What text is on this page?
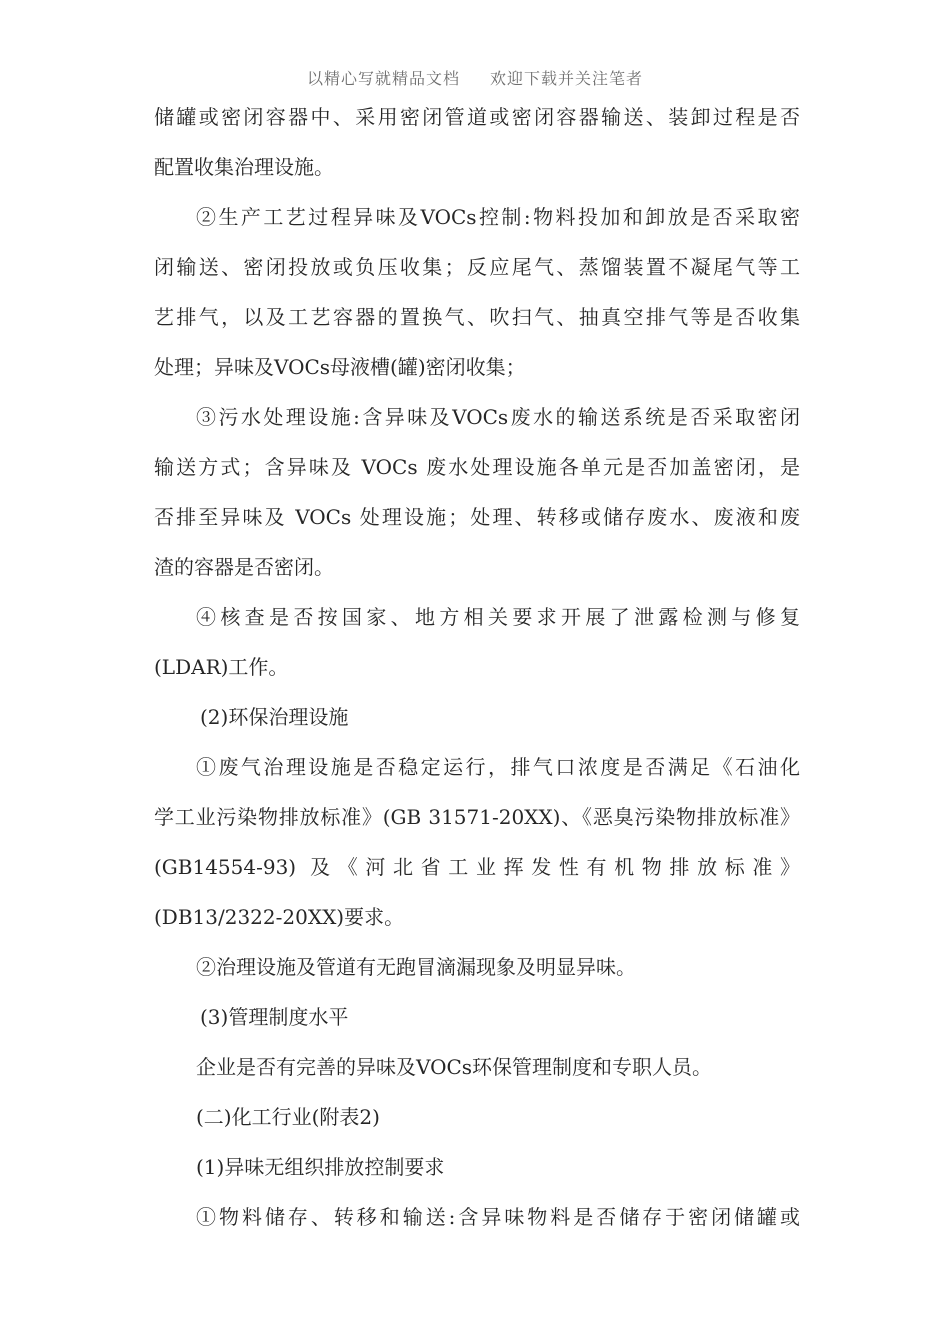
以精心写就精品文档 欢迎下载并关注笔者
储罐或密闭容器中、采用密闭管道或密闭容器输送、装卸过程是否
配置收集治理设施。
②生产工艺过程异味及VOCs控制:物料投加和卸放是否采取密
闭输送、密闭投放或负压收集；反应尾气、蒸馏装置不凝尾气等工
艺排气，以及工艺容器的置换气、吹扫气、抽真空排气等是否收集
处理；异味及VOCs母液槽(罐)密闭收集；
③污水处理设施:含异味及VOCs废水的输送系统是否采取密闭
输送方式；含异味及 VOCs 废水处理设施各单元是否加盖密闭，是
否排至异味及 VOCs 处理设施；处理、转移或储存废水、废液和废
渣的容器是否密闭。
④核查是否按国家、地方相关要求开展了泄露检测与修复
(LDAR)工作。
(2)环保治理设施
①废气治理设施是否稳定运行，排气口浓度是否满足《石油化
学工业污染物排放标准》(GB 31571-20XX)、《恶臭污染物排放标准》
(GB14554-93) 及《河北省工业挥发性有机物排放标准》
(DB13/2322-20XX)要求。
②治理设施及管道有无跑冒滴漏现象及明显异味。
(3)管理制度水平
企业是否有完善的异味及VOCs环保管理制度和专职人员。
(二)化工行业(附表2)
(1)异味无组织排放控制要求
①物料储存、转移和输送:含异味物料是否储存于密闭储罐或
